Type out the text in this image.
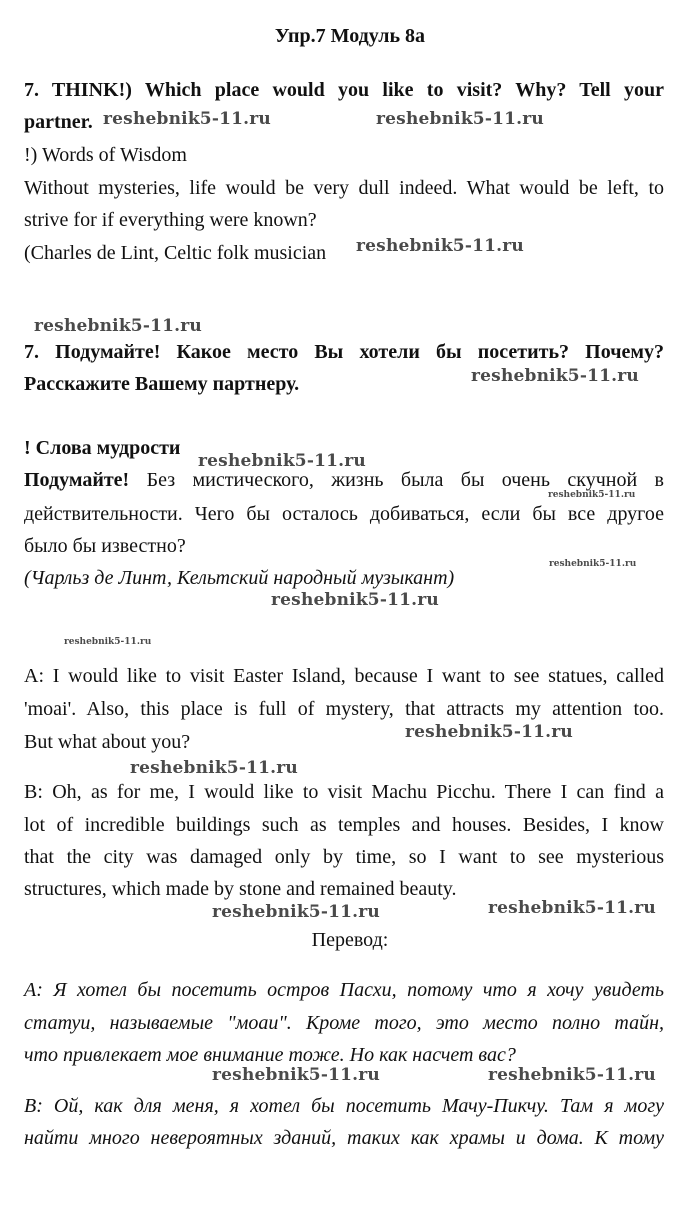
Упр.7 Модуль 8а
7. THINK!) Which place would you like to visit? Why? Tell your
partner.
!) Words of Wisdom
Without mysteries, life would be very dull indeed. What would be left, to
strive for if everything were known?
(Charles de Lint, Celtic folk musician
7. Подумайте! Какое место Вы хотели бы посетить? Почему?
Расскажите Вашему партнеру.
! Слова мудрости
Подумайте! Без мистического, жизнь была бы очень скучной в
действительности. Чего бы осталось добиваться, если бы все другое
было бы известно?
(Чарльз де Линт, Кельтский народный музыкант)
A: I would like to visit Easter Island, because I want to see statues, called
'moai'. Also, this place is full of mystery, that attracts my attention too.
But what about you?
B: Oh, as for me, I would like to visit Machu Picchu. There I can find a
lot of incredible buildings such as temples and houses. Besides, I know
that the city was damaged only by time, so I want to see mysterious
structures, which made by stone and remained beauty.
Перевод:
А: Я хотел бы посетить остров Пасхи, потому что я хочу увидеть
статуи, называемые "моаи". Кроме того, это место полно тайн,
что привлекает мое внимание тоже. Но как насчет вас?
В: Ой, как для меня, я хотел бы посетить Мачу-Пикчу. Там я могу
найти много невероятных зданий, таких как храмы и дома. К тому
reshebnik5-11.ru	reshebnik5-11.ru
reshebnik5-11.ru
reshebnik5-11.ru
reshebnik5-11.ru
reshebnik5-11.ru
reshebnik5-11.ru
reshebnik5-11.ru
reshebnik5-11.ru
reshebnik5-11.ru
reshebnik5-11.ru
reshebnik5-11.ru
reshebnik5-11.ru	reshebnik5-11.ru
reshebnik5-11.ru	reshebnik5-11.ru
